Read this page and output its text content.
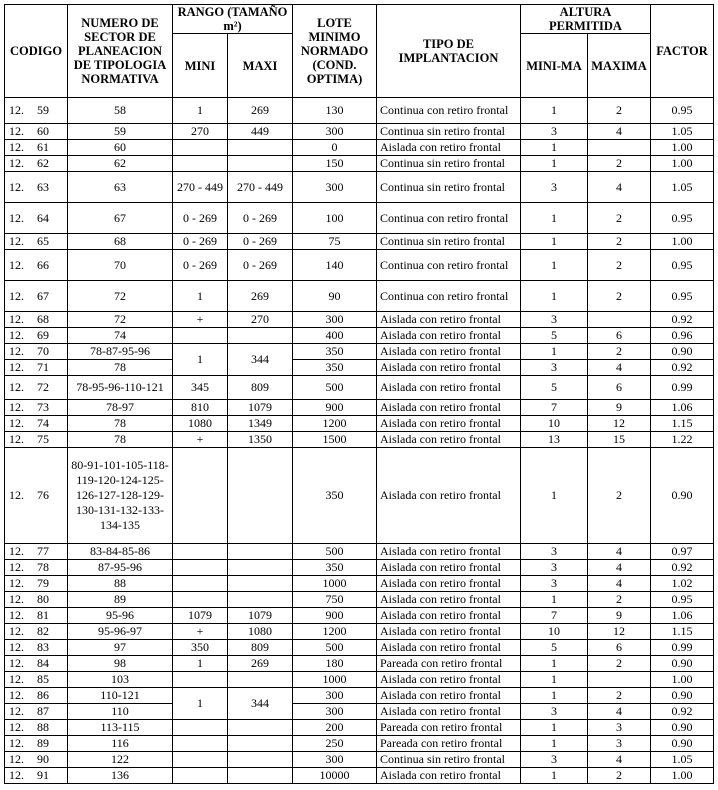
CODIGO	NUMERO DE SECTOR DE PLANEACION DE TIPOLOGIA NORMATIVA	RANGO (TAMAÑO m²)		LOTE MINIMO NORMADO (COND. OPTIMA)	TIPO DE IMPLANTACION	ALTURA PERMITIDA		FACTOR
		MINI	MAXI			MINI-MA	MAXIMA	
12. 59	58	1	269	130	Continua con retiro frontal	1	2	0.95
12. 60	59	270	449	300	Continua sin retiro frontal	3	4	1.05
12. 61	60			0	Aislada con retiro frontal	1		1.00
12. 62	62			150	Continua sin retiro frontal	1	2	1.00
12. 63	63	270 - 449	270 - 449	300	Continua sin retiro frontal	3	4	1.05
12. 64	67	0 - 269	0 - 269	100	Continua con retiro frontal	1	2	0.95
12. 65	68	0 - 269	0 - 269	75	Continua sin retiro frontal	1	2	1.00
12. 66	70	0 - 269	0 - 269	140	Continua con retiro frontal	1	2	0.95
12. 67	72	1	269	90	Continua con retiro frontal	1	2	0.95
12. 68	72	+	270	300	Aislada con retiro frontal	3		0.92
12. 69	74			400	Aislada con retiro frontal	5	6	0.96
12. 70	78-87-95-96	1	344	350	Aislada con retiro frontal	1	2	0.90
12. 71	78			350	Aislada con retiro frontal	3	4	0.92
12. 72	78-95-96-110-121	345	809	500	Aislada con retiro frontal	5	6	0.99
12. 73	78-97	810	1079	900	Aislada con retiro frontal	7	9	1.06
12. 74	78	1080	1349	1200	Aislada con retiro frontal	10	12	1.15
12. 75	78	+	1350	1500	Aislada con retiro frontal	13	15	1.22
12. 76	80-91-101-105-118-119-120-124-125-126-127-128-129-130-131-132-133-134-135			350	Aislada con retiro frontal	1	2	0.90
12. 77	83-84-85-86			500	Aislada con retiro frontal	3	4	0.97
12. 78	87-95-96			350	Aislada con retiro frontal	3	4	0.92
12. 79	88			1000	Aislada con retiro frontal	3	4	1.02
12. 80	89			750	Aislada con retiro frontal	1	2	0.95
12. 81	95-96	1079	1079	900	Aislada con retiro frontal	7	9	1.06
12. 82	95-96-97	+	1080	1200	Aislada con retiro frontal	10	12	1.15
12. 83	97	350	809	500	Aislada con retiro frontal	5	6	0.99
12. 84	98	1	269	180	Pareada con retiro frontal	1	2	0.90
12. 85	103			1000	Aislada con retiro frontal	1		1.00
12. 86	110-121	1	344	300	Aislada con retiro frontal	1	2	0.90
12. 87	110			300	Aislada con retiro frontal	3	4	0.92
12. 88	113-115			200	Pareada con retiro frontal	1	3	0.90
12. 89	116			250	Pareada con retiro frontal	1	3	0.90
12. 90	122			300	Continua sin retiro frontal	3	4	1.05
12. 91	136			10000	Aislada con retiro frontal	1	2	1.00
